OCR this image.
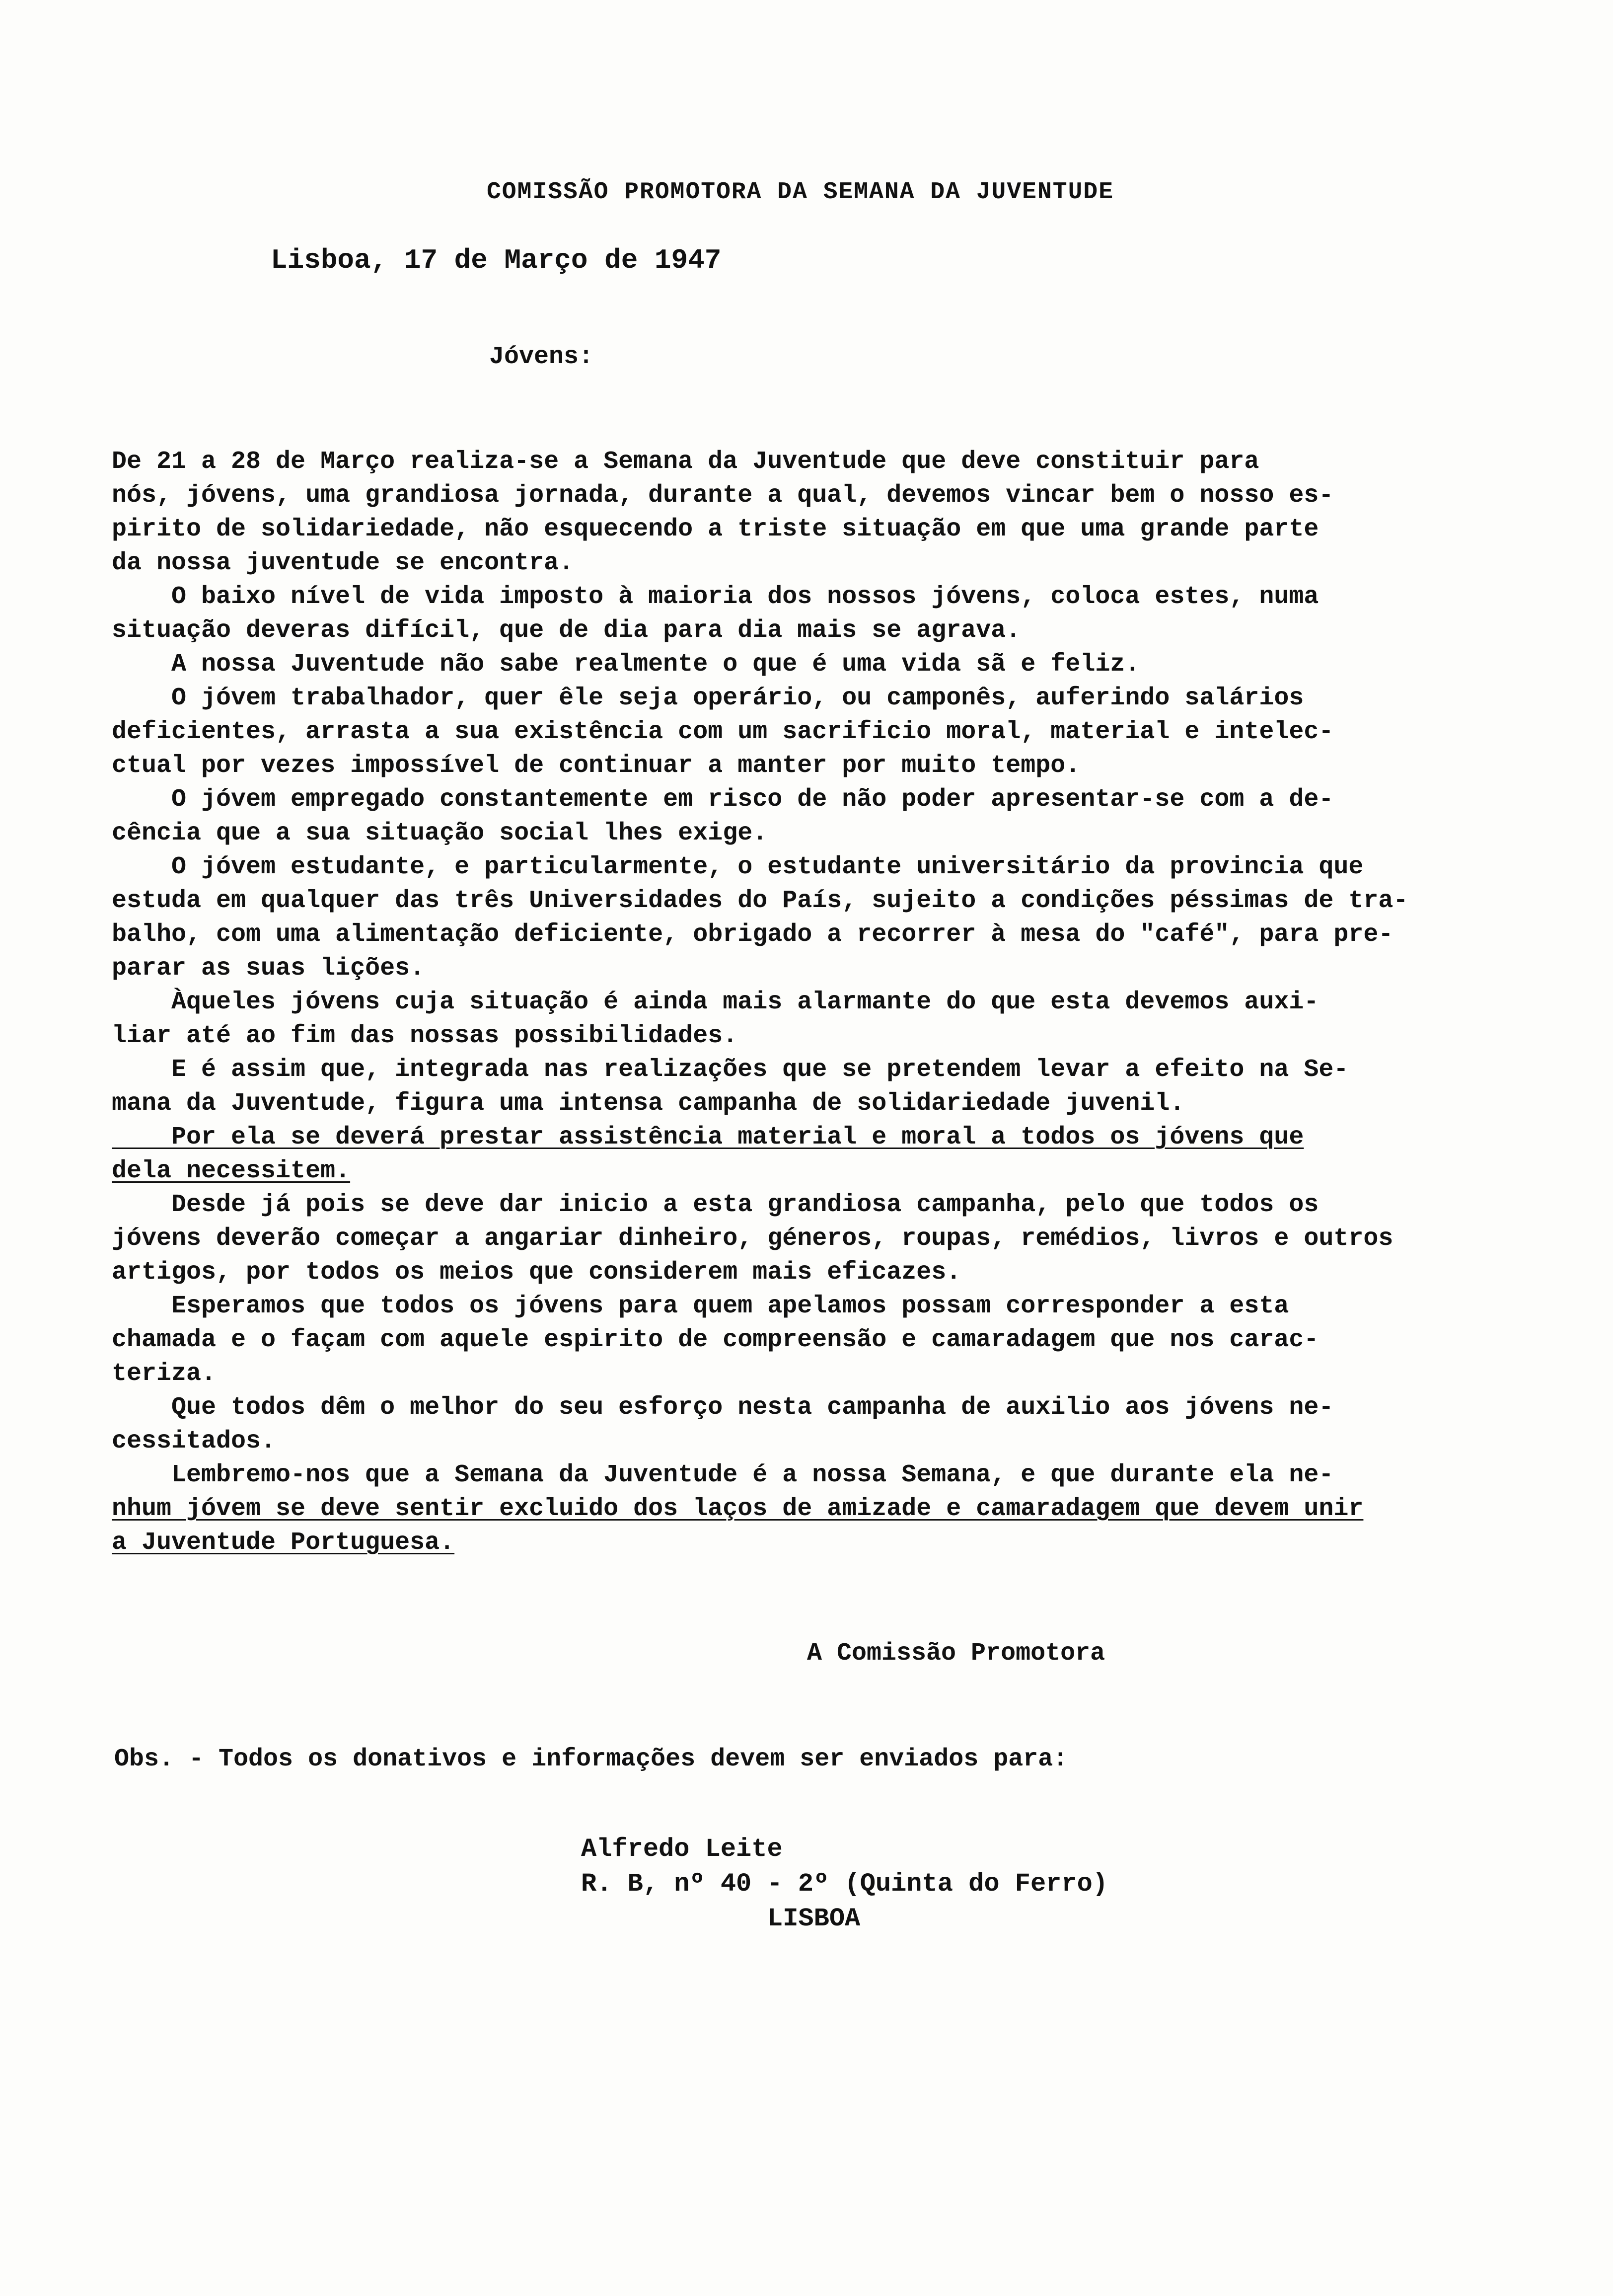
COMISSÃO PROMOTORA DA SEMANA DA JUVENTUDE
Lisboa, 17 de Março de 1947
Jóvens:
De 21 a 28 de Março realiza-se a Semana da Juventude que deve constituir para
nós, jóvens, uma grandiosa jornada, durante a qual, devemos vincar bem o nosso es-
pirito de solidariedade, não esquecendo a triste situação em que uma grande parte
da nossa juventude se encontra.
O baixo nível de vida imposto à maioria dos nossos jóvens, coloca estes, numa
situação deveras difícil, que de dia para dia mais se agrava.
A nossa Juventude não sabe realmente o que é uma vida sã e feliz.
O jóvem trabalhador, quer êle seja operário, ou camponês, auferindo salários
deficientes, arrasta a sua existência com um sacrificio moral, material e intelec-
ctual por vezes impossível de continuar a manter por muito tempo.
O jóvem empregado constantemente em risco de não poder apresentar-se com a de-
cência que a sua situação social lhes exige.
O jóvem estudante, e particularmente, o estudante universitário da provincia que
estuda em qualquer das três Universidades do País, sujeito a condições péssimas de tra-
balho, com uma alimentação deficiente, obrigado a recorrer à mesa do "café", para pre-
parar as suas lições.
Àqueles jóvens cuja situação é ainda mais alarmante do que esta devemos auxi-
liar até ao fim das nossas possibilidades.
E é assim que, integrada nas realizações que se pretendem levar a efeito na Se-
mana da Juventude, figura uma intensa campanha de solidariedade juvenil.
Por ela se deverá prestar assistência material e moral a todos os jóvens que
dela necessitem.
Desde já pois se deve dar inicio a esta grandiosa campanha, pelo que todos os
jóvens deverão começar a angariar dinheiro, géneros, roupas, remédios, livros e outros
artigos, por todos os meios que considerem mais eficazes.
Esperamos que todos os jóvens para quem apelamos possam corresponder a esta
chamada e o façam com aquele espirito de compreensão e camaradagem que nos carac-
teriza.
Que todos dêm o melhor do seu esforço nesta campanha de auxilio aos jóvens ne-
cessitados.
Lembremo-nos que a Semana da Juventude é a nossa Semana, e que durante ela ne-
nhum jóvem se deve sentir excluido dos laços de amizade e camaradagem que devem unir
a Juventude Portuguesa.
A Comissão Promotora
Obs. - Todos os donativos e informações devem ser enviados para:
Alfredo Leite
R. B, nº 40 - 2º (Quinta do Ferro)
LISBOA
